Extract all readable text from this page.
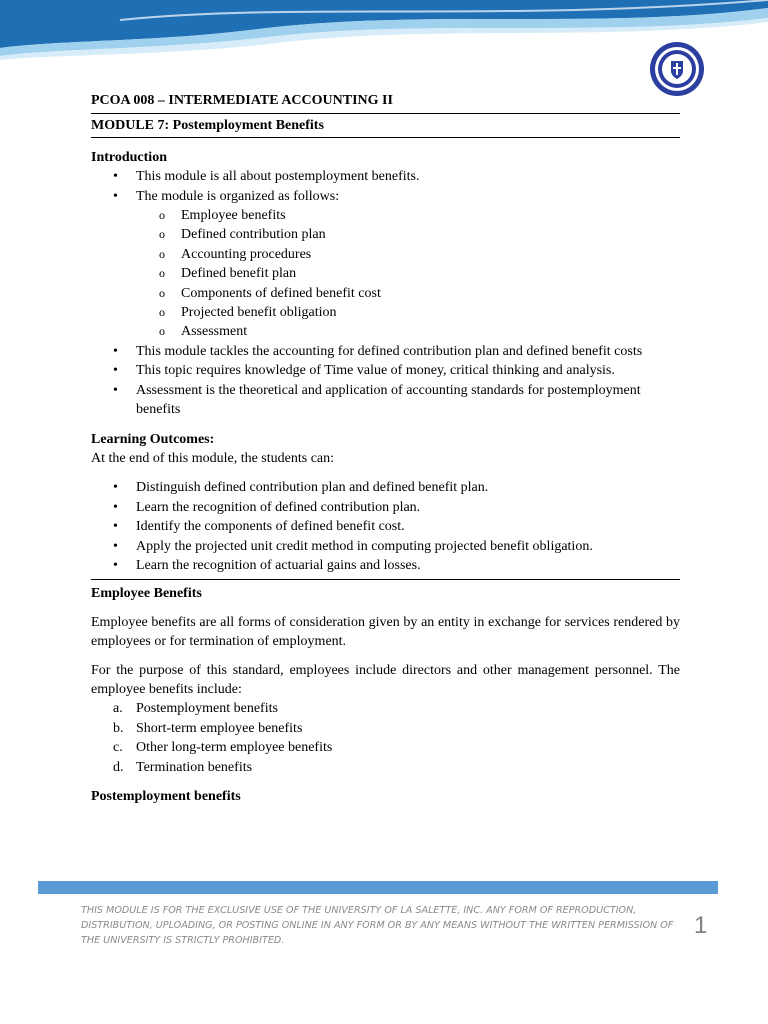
PCOA 008 – INTERMEDIATE ACCOUNTING II

MODULE 7: Postemployment Benefits

Introduction

• This module is all about postemployment benefits.
• The module is organized as follows:
o Employee benefits
o Defined contribution plan
o Accounting procedures
o Defined benefit plan
o Components of defined benefit cost
o Projected benefit obligation
o Assessment
• This module tackles the accounting for defined contribution plan and defined benefit costs
• This topic requires knowledge of Time value of money, critical thinking and analysis.
• Assessment is the theoretical and application of accounting standards for postemployment benefits

Learning Outcomes:

At the end of this module, the students can:

• Distinguish defined contribution plan and defined benefit plan.
• Learn the recognition of defined contribution plan.
• Identify the components of defined benefit cost.
• Apply the projected unit credit method in computing projected benefit obligation.
• Learn the recognition of actuarial gains and losses.

Employee Benefits

Employee benefits are all forms of consideration given by an entity in exchange for services rendered by employees or for termination of employment.

For the purpose of this standard, employees include directors and other management personnel. The employee benefits include:

a. Postemployment benefits
b. Short-term employee benefits
c. Other long-term employee benefits
d. Termination benefits

Postemployment benefits

THIS MODULE IS FOR THE EXCLUSIVE USE OF THE UNIVERSITY OF LA SALETTE, INC. ANY FORM OF REPRODUCTION, DISTRIBUTION, UPLOADING, OR POSTING ONLINE IN ANY FORM OR BY ANY MEANS WITHOUT THE WRITTEN PERMISSION OF THE UNIVERSITY IS STRICTLY PROHIBITED.
1
